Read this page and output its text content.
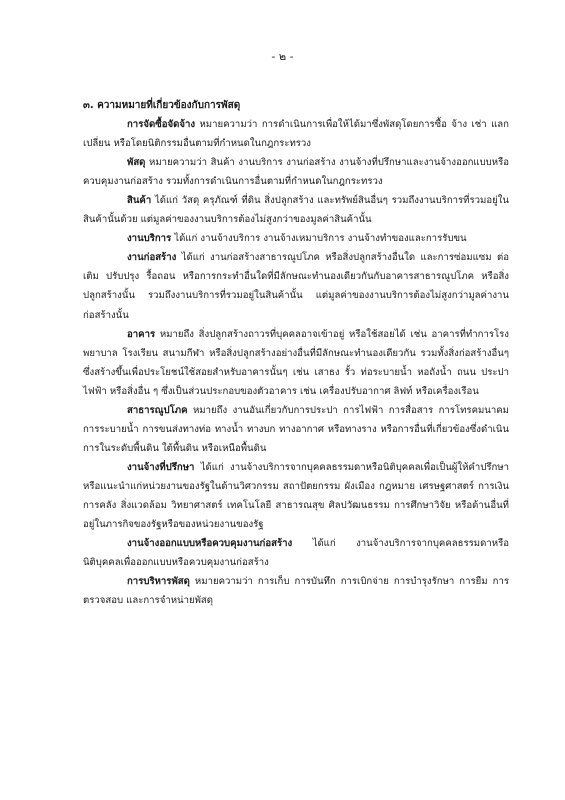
- ๒ -

๓. ความหมายที่เกี่ยวข้องกับการพัสดุ

การจัดซื้อจัดจ้าง หมายความว่า การดำเนินการเพื่อให้ได้มาซึ่งพัสดุโดยการซื้อ จ้าง เช่า แลกเปลี่ยน หรือโดยนิติกรรมอื่นตามที่กำหนดในกฎกระทรวง

พัสดุ หมายความว่า สินค้า งานบริการ งานก่อสร้าง งานจ้างที่ปรึกษาและงานจ้างออกแบบหรือควบคุมงานก่อสร้าง รวมทั้งการดำเนินการอื่นตามที่กำหนดในกฎกระทรวง

สินค้า ได้แก่ วัสดุ ครุภัณฑ์ ที่ดิน สิ่งปลูกสร้าง และทรัพย์สินอื่นๆ รวมถึงงานบริการที่รวมอยู่ในสินค้านั้นด้วย แต่มูลค่าของงานบริการต้องไม่สูงกว่าของมูลค่าสินค้านั้น

งานบริการ ได้แก่ งานจ้างบริการ งานจ้างเหมาบริการ งานจ้างทำของและการรับขน

งานก่อสร้าง ได้แก่ งานก่อสร้างสาธารณูปโภค หรือสิ่งปลูกสร้างอื่นใด และการซ่อมแซม ต่อเติม ปรับปรุง รื้อถอน หรือการกระทำอื่นใดที่มีลักษณะทำนองเดียวกันกับอาคารสาธารณูปโภค หรือสิ่งปลูกสร้างนั้น รวมถึงงานบริการที่รวมอยู่ในสินค้านั้น แต่มูลค่าของงานบริการต้องไม่สูงกว่ามูลค่างานก่อสร้างนั้น

อาคาร หมายถึง สิ่งปลูกสร้างถาวรที่บุคคลอาจเข้าอยู่ หรือใช้สอยได้ เช่น อาคารที่ทำการโรงพยาบาล โรงเรียน สนามกีฬา หรือสิ่งปลูกสร้างอย่างอื่นที่มีลักษณะทำนองเดียวกัน รวมทั้งสิ่งก่อสร้างอื่นๆ ซึ่งสร้างขึ้นเพื่อประโยชน์ใช้สอยสำหรับอาคารนั้นๆ เช่น เสาธง รั้ว ท่อระบายน้ำ หอถังน้ำ ถนน ประปาไฟฟ้า หรือสิ่งอื่น ๆ ซึ่งเป็นส่วนประกอบของตัวอาคาร เช่น เครื่องปรับอากาศ ลิฟท์ หรือเครื่องเรือน

สาธารณูปโภค หมายถึง งานอันเกี่ยวกับการประปา การไฟฟ้า การสื่อสาร การโทรคมนาคมการระบายน้ำ การขนส่งทางท่อ ทางน้ำ ทางบก ทางอากาศ หรือทางราง หรือการอื่นที่เกี่ยวข้องซึ่งดำเนินการในระดับพื้นดิน ใต้พื้นดิน หรือเหนือพื้นดิน

งานจ้างที่ปรึกษา ได้แก่ งานจ้างบริการจากบุคคลธรรมดาหรือนิติบุคคลเพื่อเป็นผู้ให้คำปรึกษาหรือแนะนำแก่หน่วยงานของรัฐในด้านวิศวกรรม สถาปัตยกรรม ผังเมือง กฎหมาย เศรษฐศาสตร์ การเงิน การคลัง สิ่งแวดล้อม วิทยาศาสตร์ เทคโนโลยี สาธารณสุข ศิลปวัฒนธรรม การศึกษาวิจัย หรือด้านอื่นที่อยู่ในภารกิจของรัฐหรือของหน่วยงานของรัฐ

งานจ้างออกแบบหรือควบคุมงานก่อสร้าง ได้แก่ งานจ้างบริการจากบุคคลธรรมดาหรือนิติบุคคลเพื่อออกแบบหรือควบคุมงานก่อสร้าง

การบริหารพัสดุ หมายความว่า การเก็บ การบันทึก การเบิกจ่าย การบำรุงรักษา การยืม การตรวจสอบ และการจำหน่ายพัสดุ
